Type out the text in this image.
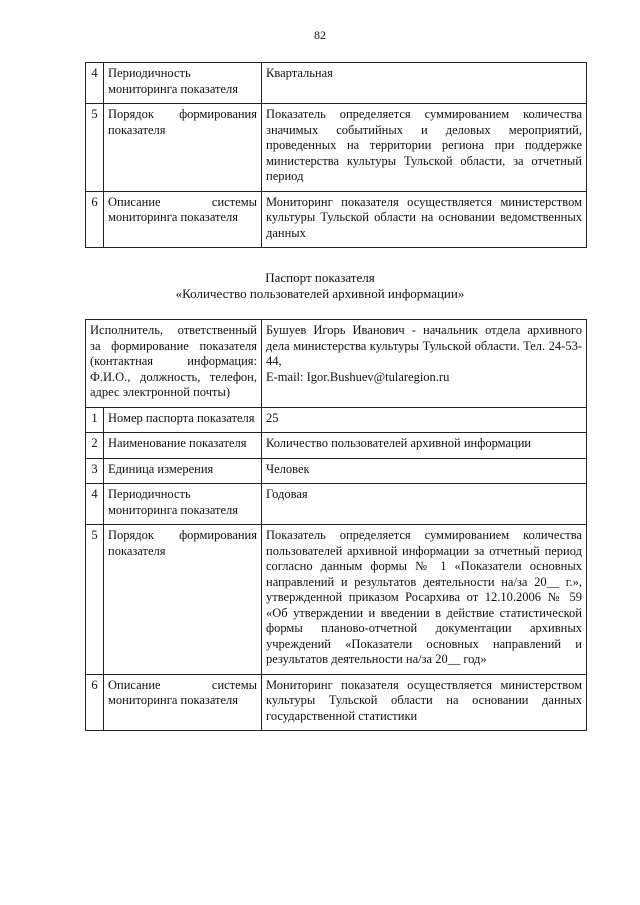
82
4	Периодичность мониторинга показателя	Квартальная
5	Порядок формирования показателя	Показатель определяется суммированием количества значимых событийных и деловых мероприятий, проведенных на территории региона при поддержке министерства культуры Тульской области, за отчетный период
6	Описание системы мониторинга показателя	Мониторинг показателя осуществляется министерством культуры Тульской области на основании ведомственных данных
Паспорт показателя
«Количество пользователей архивной информации»
Исполнитель, ответственный за формирование показателя (контактная информация: Ф.И.О., должность, телефон, адрес электронной почты)		Бушуев Игорь Иванович - начальник отдела архивного дела министерства культуры Тульской области. Тел. 24-53-44,
E-mail: Igor.Bushuev@tularegion.ru
1	Номер паспорта показателя	25
2	Наименование показателя	Количество пользователей архивной информации
3	Единица измерения	Человек
4	Периодичность мониторинга показателя	Годовая
5	Порядок формирования показателя	Показатель определяется суммированием количества пользователей архивной информации за отчетный период согласно данным формы № 1 «Показатели основных направлений и результатов деятельности на/за 20__ г.», утвержденной приказом Росархива от 12.10.2006 № 59 «Об утверждении и введении в действие статистической формы планово-отчетной документации архивных учреждений «Показатели основных направлений и результатов деятельности на/за 20__ год»
6	Описание системы мониторинга показателя	Мониторинг показателя осуществляется министерством культуры Тульской области на основании данных государственной статистики
